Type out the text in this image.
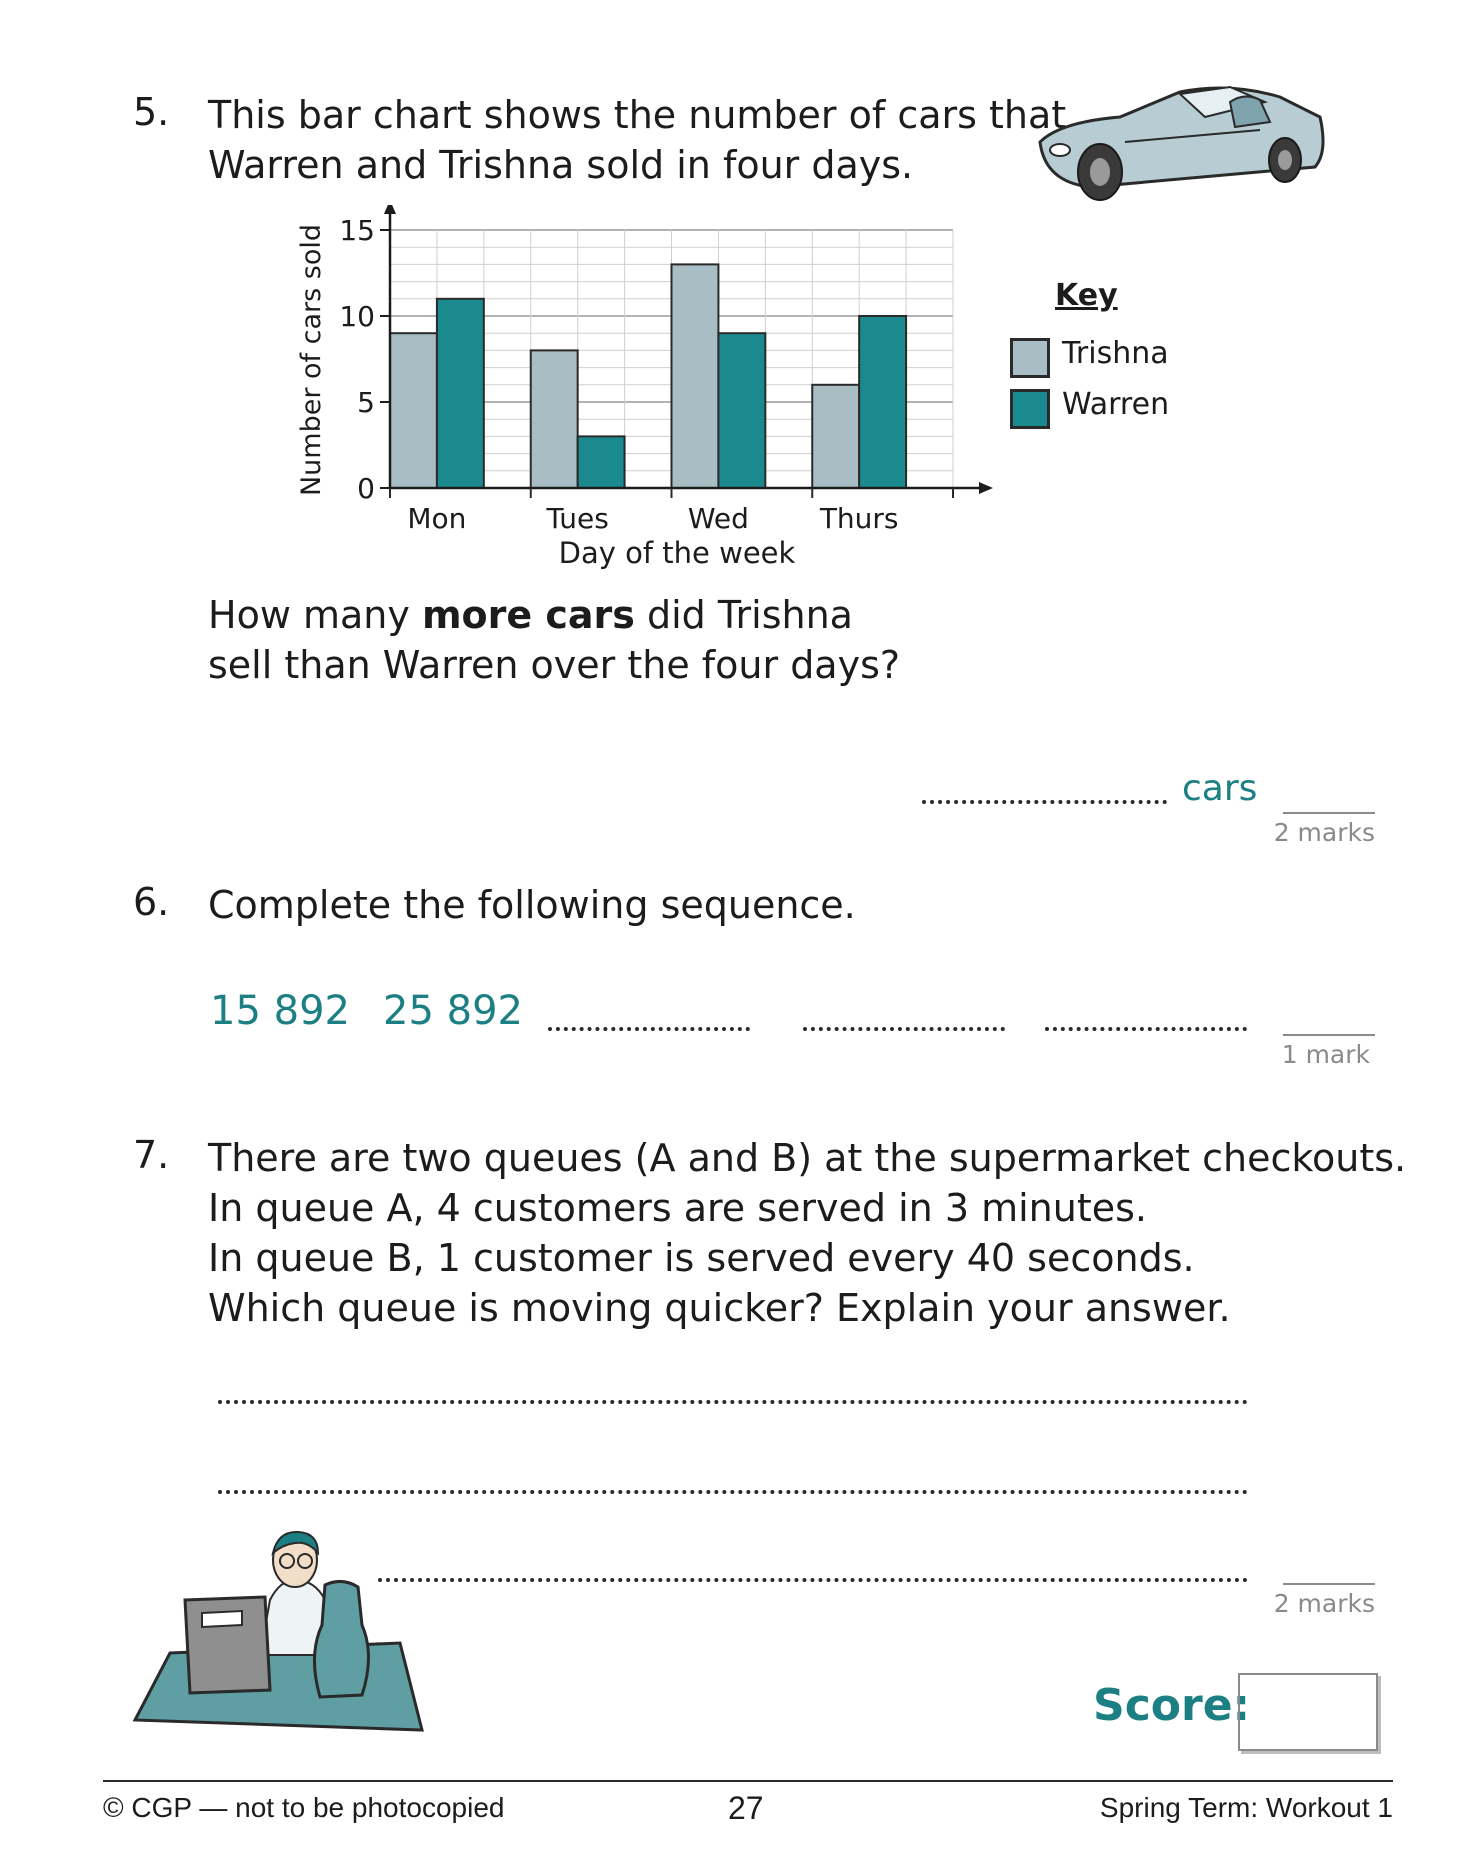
5. This bar chart shows the number of cars that
Warren and Trishna sold in four days.
0
5
10
15
Mon	Tues	Wed	Thurs
Number of cars sold
Day of the week
Key
Trishna
Warren
How many more cars did Trishna
sell than Warren over the four days?
cars
2 marks
6. Complete the following sequence.
15 892 25 892
1 mark
7. There are two queues (A and B) at the supermarket checkouts.
In queue A, 4 customers are served in 3 minutes.
In queue B, 1 customer is served every 40 seconds.
Which queue is moving quicker? Explain your answer.
2 marks
Score:
© CGP — not to be photocopied	27	Spring Term: Workout 1
